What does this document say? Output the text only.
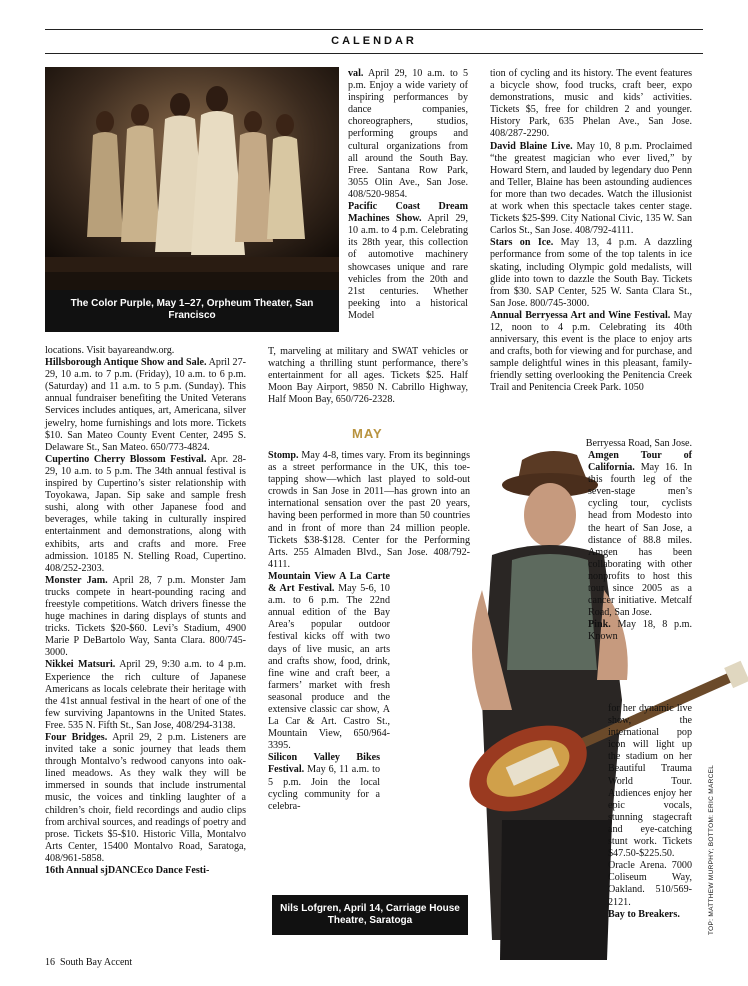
CALENDAR
The Color Purple, May 1–27, Orpheum Theater, San Francisco

locations. Visit bayareandw.org.

Hillsborough Antique Show and Sale. April 27-29, 10 a.m. to 7 p.m. (Friday), 10 a.m. to 6 p.m. (Saturday) and 11 a.m. to 5 p.m. (Sunday). This annual fundraiser benefiting the United Veterans Services includes antiques, art, Americana, silver jewelry, home furnishings and lots more. Tickets $10. San Mateo County Event Center, 2495 S. Delaware St., San Mateo. 650/773-4824.

Cupertino Cherry Blossom Festival. Apr. 28-29, 10 a.m. to 5 p.m. The 34th annual festival is inspired by Cupertino’s sister relationship with Toyokawa, Japan. Sip sake and sample fresh sushi, along with other Japanese food and beverages, while taking in culturally inspired entertainment and demonstrations, along with exhibits, arts and crafts and more. Free admission. 10185 N. Stelling Road, Cupertino. 408/252-2303.

Monster Jam. April 28, 7 p.m. Monster Jam trucks compete in heart-pounding racing and freestyle competitions. Watch drivers finesse the huge machines in daring displays of stunts and tricks. Tickets $20-$60. Levi’s Stadium, 4900 Marie P DeBartolo Way, Santa Clara. 800/745-3000.

Nikkei Matsuri. April 29, 9:30 a.m. to 4 p.m. Experience the rich culture of Japanese Americans as locals celebrate their heritage with the 41st annual festival in the heart of one of the few surviving Japantowns in the United States. Free. 535 N. Fifth St., San Jose, 408/294-3138.

Four Bridges. April 29, 2 p.m. Listeners are invited take a sonic journey that leads them through Montalvo’s redwood canyons into oak-lined meadows. As they walk they will be immersed in sounds that include instrumental music, the voices and tinkling laughter of a children’s choir, field recordings and audio clips from archival sources, and readings of poetry and prose. Tickets $5-$10. Historic Villa, Montalvo Arts Center, 15400 Montalvo Road, Saratoga, 408/961-5858.

16th Annual sjDANCEco Dance Festi-

val. April 29, 10 a.m. to 5 p.m. Enjoy a wide variety of inspiring performances by dance companies, choreographers, studios, performing groups and cultural organizations from all around the South Bay. Free. Santana Row Park, 3055 Olin Ave., San Jose. 408/520-9854.

Pacific Coast Dream Machines Show. April 29, 10 a.m. to 4 p.m. Celebrating its 28th year, this collection of automotive machinery showcases unique and rare vehicles from the 20th and 21st centuries. Whether peeking into a historical Model

T, marveling at military and SWAT vehicles or watching a thrilling stunt performance, there’s entertainment for all ages. Tickets $25. Half Moon Bay Airport, 9850 N. Cabrillo Highway, Half Moon Bay, 650/726-2328.

MAY

Stomp. May 4-8, times vary. From its beginnings as a street performance in the UK, this toe-tapping show—which last played to sold-out crowds in San Jose in 2011—has grown into an international sensation over the past 20 years, having been performed in more than 50 countries and in front of more than 24 million people. Tickets $38-$128. Center for the Performing Arts. 255 Almaden Blvd., San Jose. 408/792-4111.

Mountain View A La Carte & Art Festival. May 5-6, 10 a.m. to 6 p.m. The 22nd annual edition of the Bay Area’s popular outdoor festival kicks off with two days of live music, an arts and crafts show, food, drink, fine wine and craft beer, a farmers’ market with fresh seasonal produce and the extensive classic car show, A La Car & Art. Castro St., Mountain View, 650/964-3395.

Silicon Valley Bikes Festival. May 6, 11 a.m. to 5 p.m. Join the local cycling community for a celebra-

tion of cycling and its history. The event features a bicycle show, food trucks, craft beer, expo demonstrations, music and kids’ activities. Tickets $5, free for children 2 and younger. History Park, 635 Phelan Ave., San Jose. 408/287-2290.

David Blaine Live. May 10, 8 p.m. Proclaimed “the greatest magician who ever lived,” by Howard Stern, and lauded by legendary duo Penn and Teller, Blaine has been astounding audiences for more than two decades. Watch the illusionist at work when this spectacle takes center stage. Tickets $25-$99. City National Civic, 135 W. San Carlos St., San Jose. 408/792-4111.

Stars on Ice. May 13, 4 p.m. A dazzling performance from some of the top talents in ice skating, including Olympic gold medalists, will glide into town to dazzle the South Bay. Tickets from $30. SAP Center, 525 W. Santa Clara St., San Jose. 800/745-3000.

Annual Berryessa Art and Wine Festival. May 12, noon to 4 p.m. Celebrating its 40th anniversary, this event is the place to enjoy arts and crafts, both for viewing and for purchase, and sample delightful wines in this pleasant, family-friendly setting overlooking the Penitencia Creek Trail and Penitencia Creek Park. 1050

Berryessa Road, San Jose.

Amgen Tour of California. May 16. In this fourth leg of the seven-stage men’s cycling tour, cyclists head from Modesto into the heart of San Jose, a distance of 88.8 miles. Amgen has been collaborating with other nonprofits to host this tour since 2005 as a cancer initiative. Metcalf Road, San Jose.

Pink. May 18, 8 p.m. Known

for her dynamic live show, the international pop icon will light up the stadium on her Beautiful Trauma World Tour. Audiences enjoy her epic vocals, stunning stagecraft and eye-catching stunt work. Tickets $47.50-$225.50. Oracle Arena. 7000 Coliseum Way, Oakland. 510/569-2121.

Bay to Breakers.

Nils Lofgren, April 14, Carriage House Theatre, Saratoga	TOP: MATTHEW MURPHY; BOTTOM: ERIC MARCEL
16 South Bay Accent
